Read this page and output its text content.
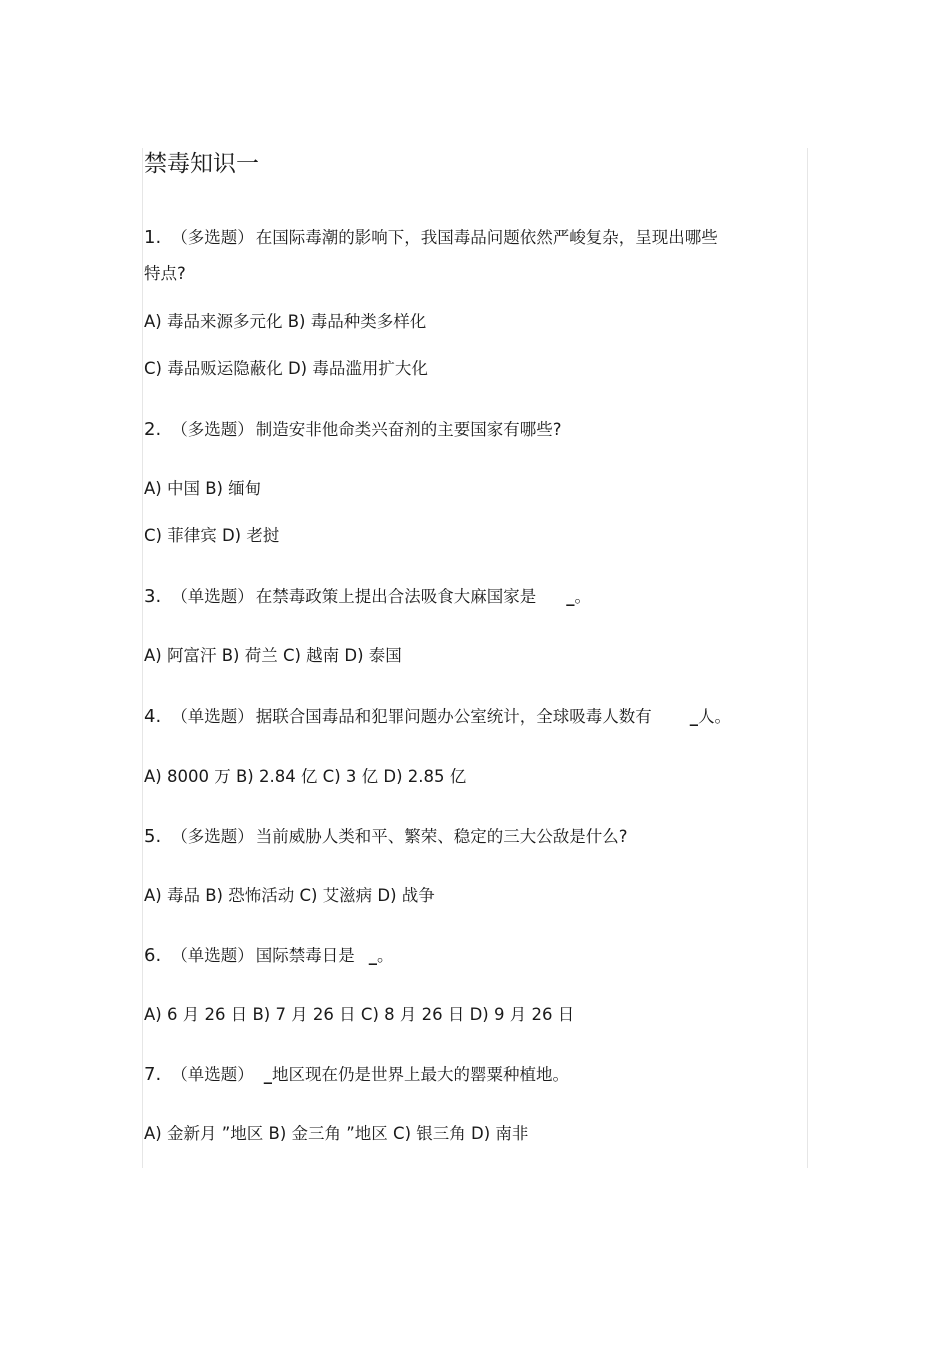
禁毒知识一
1. （多选题） 在国际毒潮的影响下，我国毒品问题依然严峻复杂，呈现出哪些
特点?
A) 毒品来源多元化 B) 毒品种类多样化
C) 毒品贩运隐蔽化 D) 毒品滥用扩大化
2. （多选题） 制造安非他命类兴奋剂的主要国家有哪些?
A) 中国 B) 缅甸
C) 菲律宾 D) 老挝
3. （单选题） 在禁毒政策上提出合法吸食大麻国家是 _。
A) 阿富汗 B) 荷兰 C) 越南 D) 泰国
4. （单选题） 据联合国毒品和犯罪问题办公室统计，全球吸毒人数有 _人。
A) 8000 万 B) 2.84 亿 C) 3 亿 D) 2.85 亿
5. （多选题） 当前威胁人类和平、繁荣、稳定的三大公敌是什么?
A) 毒品 B) 恐怖活动 C) 艾滋病 D) 战争
6. （单选题） 国际禁毒日是 _。
A) 6 月 26 日 B) 7 月 26 日 C) 8 月 26 日 D) 9 月 26 日
7. （单选题） _地区现在仍是世界上最大的罂粟种植地。
A) 金新月 ”地区 B) 金三角 ”地区 C) 银三角 D) 南非
